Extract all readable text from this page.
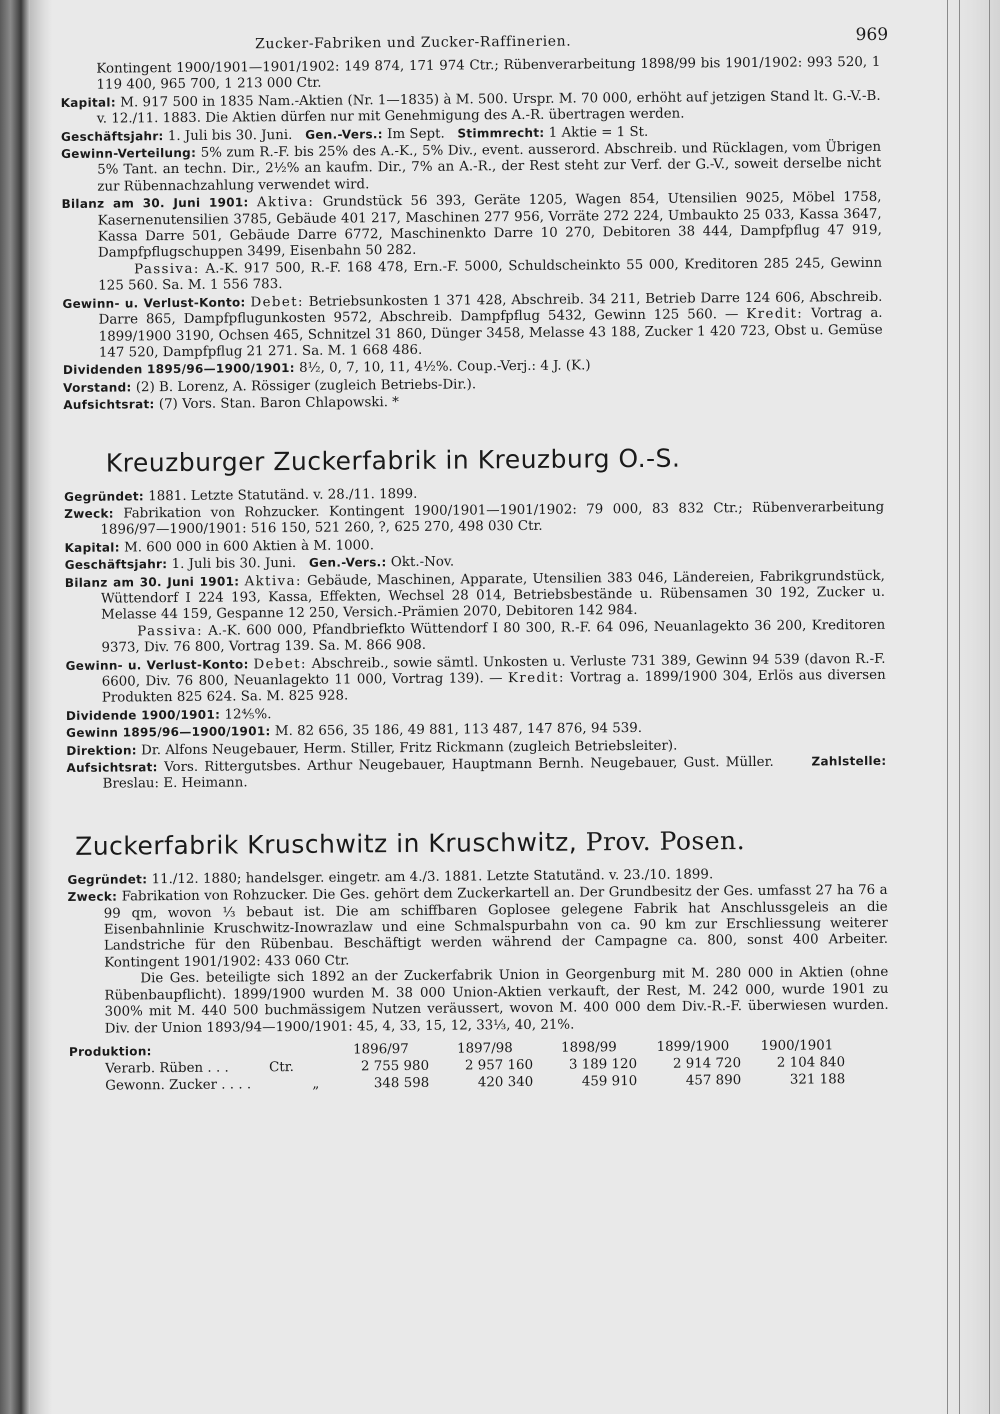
Zucker-Fabriken und Zucker-Raffinerien.	969

Kontingent 1900/1901—1901/1902: 149 874, 171 974 Ctr.; Rübenverarbeitung 1898/99 bis 1901/1902: 993 520, 1 119 400, 965 700, 1 213 000 Ctr.

Kapital: M. 917 500 in 1835 Nam.-Aktien (Nr. 1—1835) à M. 500. Urspr. M. 70 000, erhöht auf jetzigen Stand lt. G.-V.-B. v. 12./11. 1883. Die Aktien dürfen nur mit Genehmigung des A.-R. übertragen werden.

Geschäftsjahr: 1. Juli bis 30. Juni. Gen.-Vers.: Im Sept. Stimmrecht: 1 Aktie = 1 St.

Gewinn-Verteilung: 5% zum R.-F. bis 25% des A.-K., 5% Div., event. ausserord. Abschreib. und Rücklagen, vom Übrigen 5% Tant. an techn. Dir., 2½% an kaufm. Dir., 7% an A.-R., der Rest steht zur Verf. der G.-V., soweit derselbe nicht zur Rübennachzahlung verwendet wird.

Bilanz am 30. Juni 1901: Aktiva: Grundstück 56 393, Geräte 1205, Wagen 854, Utensilien 9025, Möbel 1758, Kasernenutensilien 3785, Gebäude 401 217, Maschinen 277 956, Vorräte 272 224, Umbaukto 25 033, Kassa 3647, Kassa Darre 501, Gebäude Darre 6772, Maschinenkto Darre 10 270, Debitoren 38 444, Dampfpflug 47 919, Dampfpflugschuppen 3499, Eisenbahn 50 282.

Passiva: A.-K. 917 500, R.-F. 168 478, Ern.-F. 5000, Schuldscheinkto 55 000, Kreditoren 285 245, Gewinn 125 560. Sa. M. 1 556 783.

Gewinn- u. Verlust-Konto: Debet: Betriebsunkosten 1 371 428, Abschreib. 34 211, Betrieb Darre 124 606, Abschreib. Darre 865, Dampfpflugunkosten 9572, Abschreib. Dampfpflug 5432, Gewinn 125 560. — Kredit: Vortrag a. 1899/1900 3190, Ochsen 465, Schnitzel 31 860, Dünger 3458, Melasse 43 188, Zucker 1 420 723, Obst u. Gemüse 147 520, Dampfpflug 21 271. Sa. M. 1 668 486.

Dividenden 1895/96—1900/1901: 8½, 0, 7, 10, 11, 4½%. Coup.-Verj.: 4 J. (K.)

Vorstand: (2) B. Lorenz, A. Rössiger (zugleich Betriebs-Dir.).

Aufsichtsrat: (7) Vors. Stan. Baron Chlapowski. *

Kreuzburger Zuckerfabrik in Kreuzburg O.-S.

Gegründet: 1881. Letzte Statutänd. v. 28./11. 1899.

Zweck: Fabrikation von Rohzucker. Kontingent 1900/1901—1901/1902: 79 000, 83 832 Ctr.; Rübenverarbeitung 1896/97—1900/1901: 516 150, 521 260, ?, 625 270, 498 030 Ctr.

Kapital: M. 600 000 in 600 Aktien à M. 1000.

Geschäftsjahr: 1. Juli bis 30. Juni. Gen.-Vers.: Okt.-Nov.

Bilanz am 30. Juni 1901: Aktiva: Gebäude, Maschinen, Apparate, Utensilien 383 046, Ländereien, Fabrikgrundstück, Wüttendorf I 224 193, Kassa, Effekten, Wechsel 28 014, Betriebsbestände u. Rübensamen 30 192, Zucker u. Melasse 44 159, Gespanne 12 250, Versich.-Prämien 2070, Debitoren 142 984.

Passiva: A.-K. 600 000, Pfandbriefkto Wüttendorf I 80 300, R.-F. 64 096, Neuanlagekto 36 200, Kreditoren 9373, Div. 76 800, Vortrag 139. Sa. M. 866 908.

Gewinn- u. Verlust-Konto: Debet: Abschreib., sowie sämtl. Unkosten u. Verluste 731 389, Gewinn 94 539 (davon R.-F. 6600, Div. 76 800, Neuanlagekto 11 000, Vortrag 139). — Kredit: Vortrag a. 1899/1900 304, Erlös aus diversen Produkten 825 624. Sa. M. 825 928.

Dividende 1900/1901: 12⅘%.

Gewinn 1895/96—1900/1901: M. 82 656, 35 186, 49 881, 113 487, 147 876, 94 539.

Direktion: Dr. Alfons Neugebauer, Herm. Stiller, Fritz Rickmann (zugleich Betriebsleiter).

Aufsichtsrat: Vors. Rittergutsbes. Arthur Neugebauer, Hauptmann Bernh. Neugebauer, Gust. Müller.	Zahlstelle: Breslau: E. Heimann.

Zuckerfabrik Kruschwitz in Kruschwitz, Prov. Posen.

Gegründet: 11./12. 1880; handelsger. eingetr. am 4./3. 1881. Letzte Statutänd. v. 23./10. 1899.

Zweck: Fabrikation von Rohzucker. Die Ges. gehört dem Zuckerkartell an. Der Grundbesitz der Ges. umfasst 27 ha 76 a 99 qm, wovon ⅓ bebaut ist. Die am schiffbaren Goplosee gelegene Fabrik hat Anschlussgeleis an die Eisenbahnlinie Kruschwitz-Inowrazlaw und eine Schmalspurbahn von ca. 90 km zur Erschliessung weiterer Landstriche für den Rübenbau. Beschäftigt werden während der Campagne ca. 800, sonst 400 Arbeiter. Kontingent 1901/1902: 433 060 Ctr.

Die Ges. beteiligte sich 1892 an der Zuckerfabrik Union in Georgenburg mit M. 280 000 in Aktien (ohne Rübenbaupflicht). 1899/1900 wurden M. 38 000 Union-Aktien verkauft, der Rest, M. 242 000, wurde 1901 zu 300% mit M. 440 500 buchmässigem Nutzen veräussert, wovon M. 400 000 dem Div.-R.-F. überwiesen wurden. Div. der Union 1893/94—1900/1901: 45, 4, 33, 15, 12, 33⅓, 40, 21%.

Produktion:	1896/97	1897/98	1898/99	1899/1900	1900/1901
Verarb. Rüben . . .	Ctr.	2 755 980	2 957 160	3 189 120	2 914 720	2 104 840
Gewonn. Zucker . . . .	„	348 598	420 340	459 910	457 890	321 188
